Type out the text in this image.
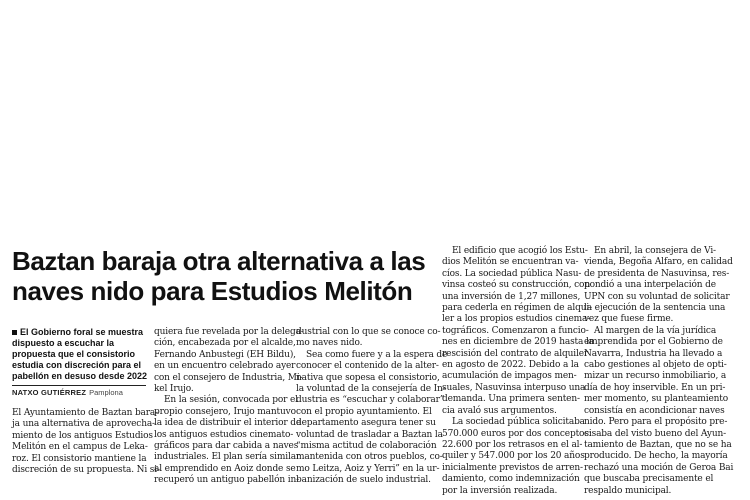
Baztan baraja otra alternativa a las
naves nido para Estudios Melitón
El Gobierno foral se muestra
dispuesto a escuchar la
propuesta que el consistorio
estudia con discreción para el
pabellón en desuso desde 2022
NATXO GUTIÉRREZ Pamplona
El Ayuntamiento de Baztan bara-
ja una alternativa de aprovecha-
miento de los antiguos Estudios
Melitón en el campus de Leka-
roz. El consistorio mantiene la
discreción de su propuesta. Ni si-
quiera fue revelada por la delega-
ción, encabezada por el alcalde,
Fernando Anbustegi (EH Bildu),
en un encuentro celebrado ayer
con el consejero de Industria, Mi-
kel Irujo.
En la sesión, convocada por el
propio consejero, Irujo mantuvo
la idea de distribuir el interior de
los antiguos estudios cinemato-
gráficos para dar cabida a naves
industriales. El plan sería similar
al emprendido en Aoiz donde se
recuperó un antiguo pabellón in-
dustrial con lo que se conoce co-
mo naves nido.
Sea como fuere y a la espera de
conocer el contenido de la alter-
nativa que sopesa el consistorio,
la voluntad de la consejería de In-
dustria es “escuchar y colaborar”
con el propio ayuntamiento. El
departamento asegura tener su
voluntad de trasladar a Baztan la
“misma actitud de colaboración
mantenida con otros pueblos, co-
mo Leitza, Aoiz y Yerri” en la ur-
banización de suelo industrial.
El edificio que acogió los Estu-
dios Melitón se encuentran va-
cíos. La sociedad pública Nasu-
vinsa costeó su construcción, con
una inversión de 1,27 millones,
para cederla en régimen de alqui-
ler a los propios estudios cinema-
tográficos. Comenzaron a funcio-
nes en diciembre de 2019 hasta la
rescisión del contrato de alquiler
en agosto de 2022. Debido a la
acumulación de impagos men-
suales, Nasuvinsa interpuso una
demanda. Una primera senten-
cia avaló sus argumentos.
La sociedad pública solicitaba
570.000 euros por dos conceptos:
22.600 por los retrasos en el al-
quiler y 547.000 por los 20 años
inicialmente previstos de arren-
damiento, como indemnización
por la inversión realizada.
En abril, la consejera de Vi-
vienda, Begoña Alfaro, en calidad
de presidenta de Nasuvinsa, res-
pondió a una interpelación de
UPN con su voluntad de solicitar
la ejecución de la sentencia una
vez que fuese firme.
Al margen de la vía jurídica
emprendida por el Gobierno de
Navarra, Industria ha llevado a
cabo gestiones al objeto de opti-
mizar un recurso inmobiliario, a
día de hoy inservible. En un pri-
mer momento, su planteamiento
consistía en acondicionar naves
nido. Pero para el propósito pre-
cisaba del visto bueno del Ayun-
tamiento de Baztan, que no se ha
producido. De hecho, la mayoría
rechazó una moción de Geroa Bai
que buscaba precisamente el
respaldo municipal.
